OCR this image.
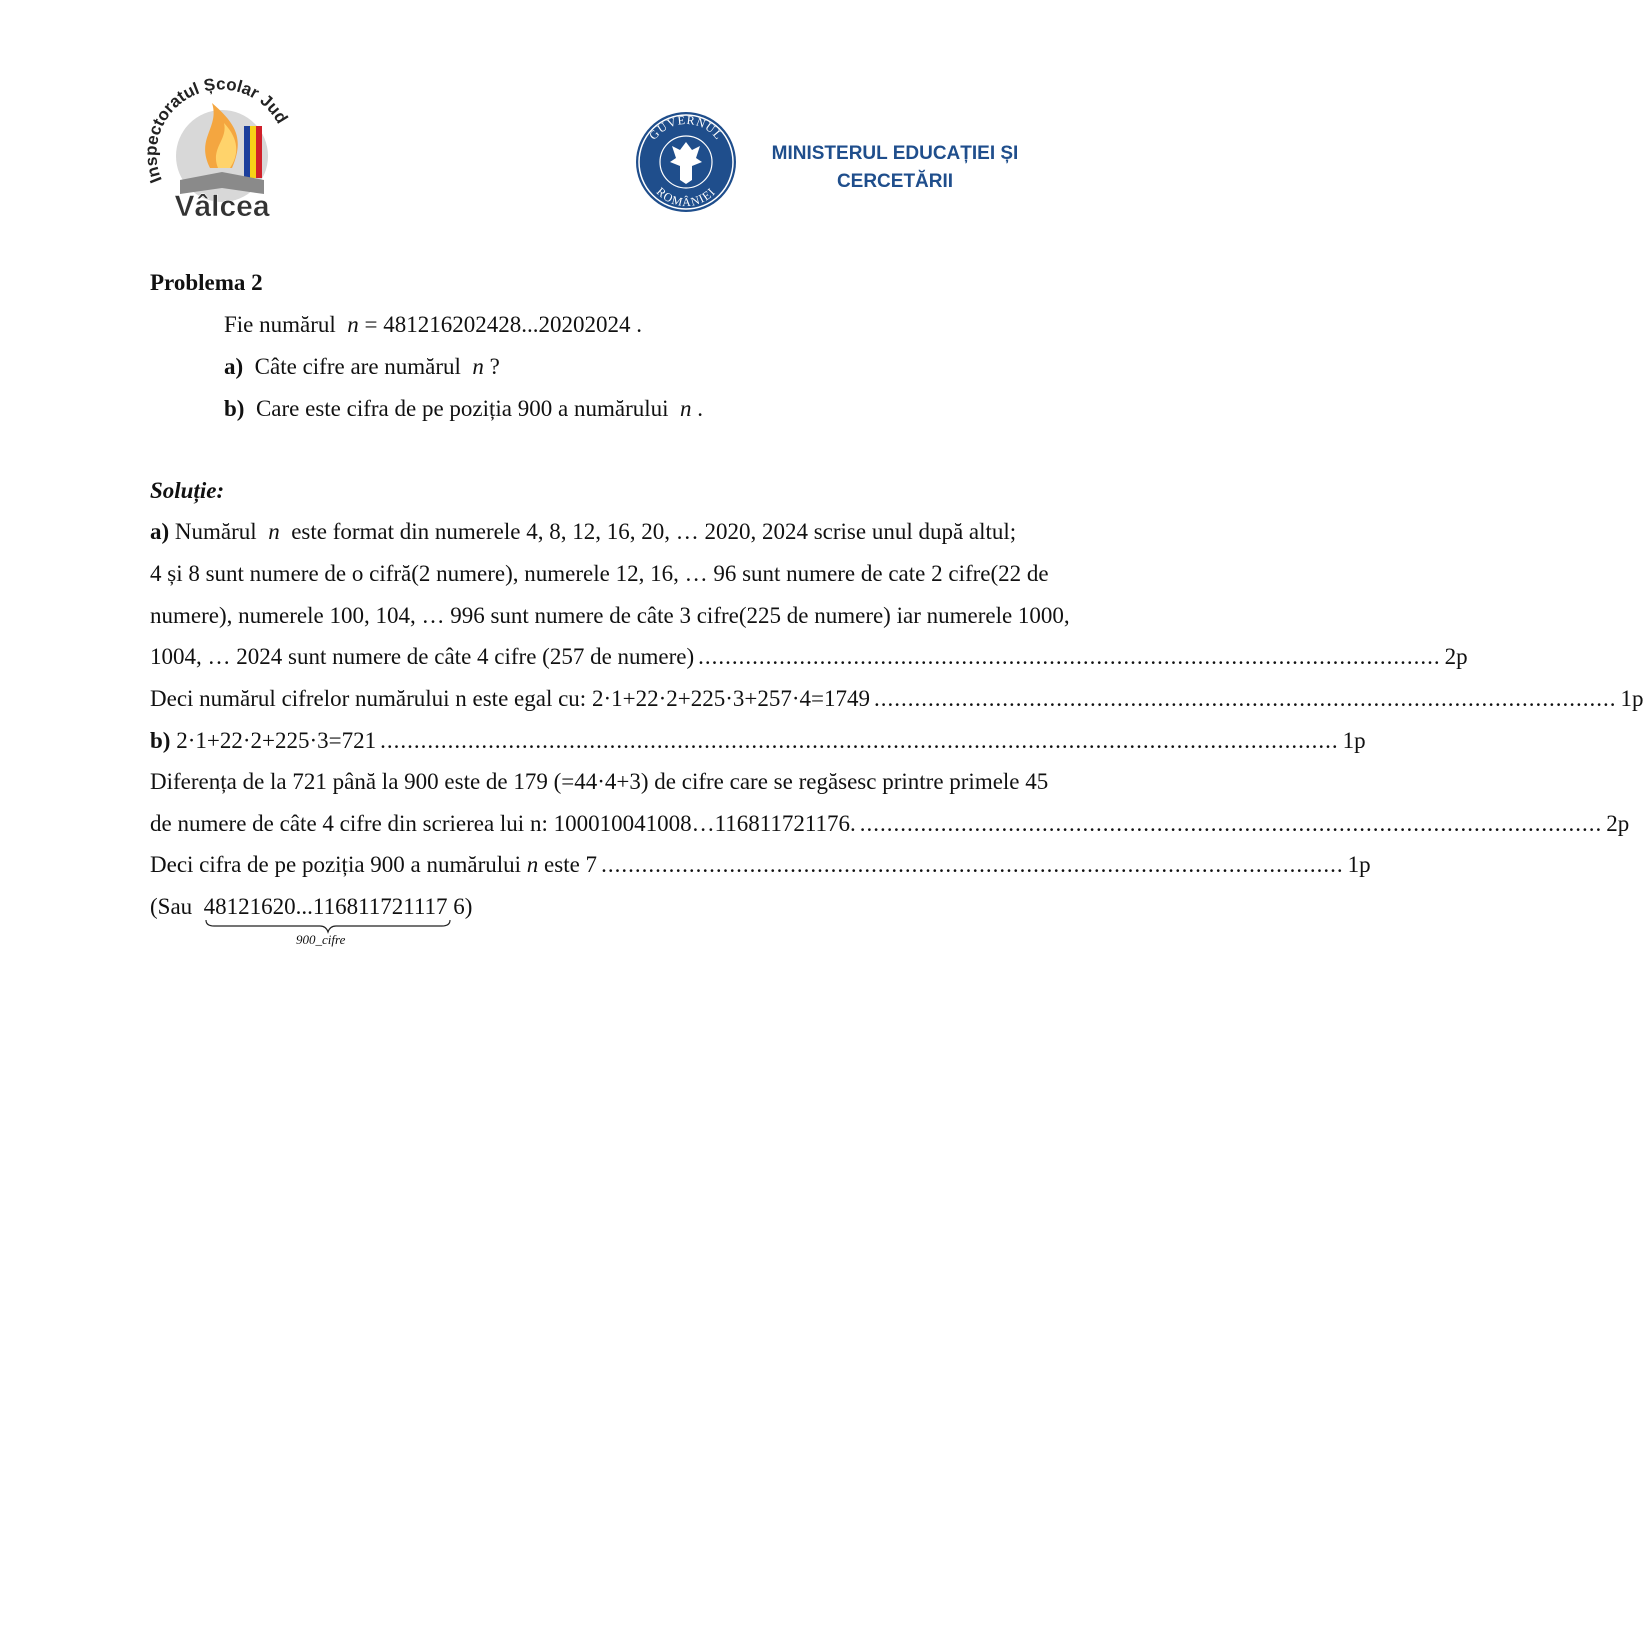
Inspectoratul Școlar Jud
Vâlcea
GUVERNUL
ROMÂNIEI
MINISTERUL EDUCAȚIEI ȘI
CERCETĂRII
Problema 2
Fie numărul n = 481216202428...20202024 .
a) Câte cifre are numărul n ?
b) Care este cifra de pe poziția 900 a numărului n .
Soluție:
a) Numărul n este format din numerele 4, 8, 12, 16, 20, … 2020, 2024 scrise unul după altul;
4 și 8 sunt numere de o cifră(2 numere), numerele 12, 16, … 96 sunt numere de cate 2 cifre(22 de
numere), numerele 100, 104, … 996 sunt numere de câte 3 cifre(225 de numere) iar numerele 1000,
1004, … 2024 sunt numere de câte 4 cifre (257 de numere) .............................................................................................................. 2p
Deci numărul cifrelor numărului n este egal cu: 2·1+22·2+225·3+257·4=1749 .............................................................................................................. 1p
b)
2·1+22·2+225·3=721 .............................................................................................................................................. 1p
Diferența de la 721 până la 900 este de 179 (=44·4+3) de cifre care se regăsesc printre primele 45
de numere de câte 4 cifre din scrierea lui n: 100010041008…116811721176. .............................................................................................................. 2p
Deci cifra de pe poziția 900 a numărului
n
este 7 .............................................................................................................. 1p
(Sau 48121620...116811721117 6)
900_cifre
